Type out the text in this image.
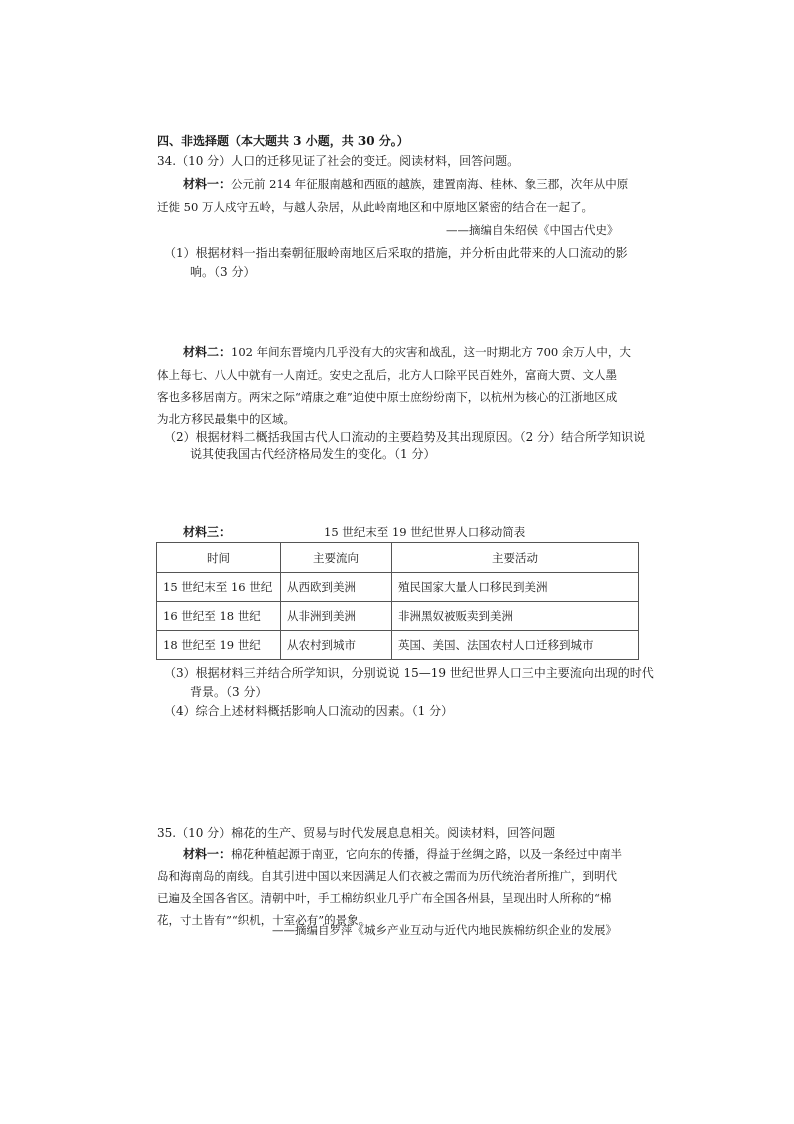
四、非选择题（本大题共 3 小题，共 30 分。）
34.（10 分）人口的迁移见证了社会的变迁。阅读材料，回答问题。
材料一：公元前 214 年征服南越和西瓯的越族，建置南海、桂林、象三郡，次年从中原
迁徙 50 万人戍守五岭，与越人杂居，从此岭南地区和中原地区紧密的结合在一起了。
——摘编自朱绍侯《中国古代史》
（1）根据材料一指出秦朝征服岭南地区后采取的措施，并分析由此带来的人口流动的影
响。（3 分）
材料二：102 年间东晋境内几乎没有大的灾害和战乱，这一时期北方 700 余万人中，大
体上每七、八人中就有一人南迁。安史之乱后，北方人口除平民百姓外，富商大贾、文人墨
客也多移居南方。两宋之际“靖康之难”迫使中原士庶纷纷南下，以杭州为核心的江浙地区成
为北方移民最集中的区域。
（2）根据材料二概括我国古代人口流动的主要趋势及其出现原因。（2 分）结合所学知识说
说其使我国古代经济格局发生的变化。（1 分）
材料三：	15 世纪末至 19 世纪世界人口移动简表
时间	主要流向	主要活动
15 世纪末至 16 世纪	从西欧到美洲	殖民国家大量人口移民到美洲
16 世纪至 18 世纪	从非洲到美洲	非洲黑奴被贩卖到美洲
18 世纪至 19 世纪	从农村到城市	英国、美国、法国农村人口迁移到城市
（3）根据材料三并结合所学知识，分别说说 15—19 世纪世界人口三中主要流向出现的时代
背景。（3 分）
（4）综合上述材料概括影响人口流动的因素。（1 分）
35.（10 分）棉花的生产、贸易与时代发展息息相关。阅读材料，回答问题
材料一：棉花种植起源于南亚，它向东的传播，得益于丝绸之路，以及一条经过中南半
岛和海南岛的南线。自其引进中国以来因满足人们衣被之需而为历代统治者所推广，到明代
已遍及全国各省区。清朝中叶，手工棉纺织业几乎广布全国各州县，呈现出时人所称的“棉
花，寸土皆有”“织机，十室必有”的景象。
——摘编自罗萍《城乡产业互动与近代内地民族棉纺织企业的发展》
